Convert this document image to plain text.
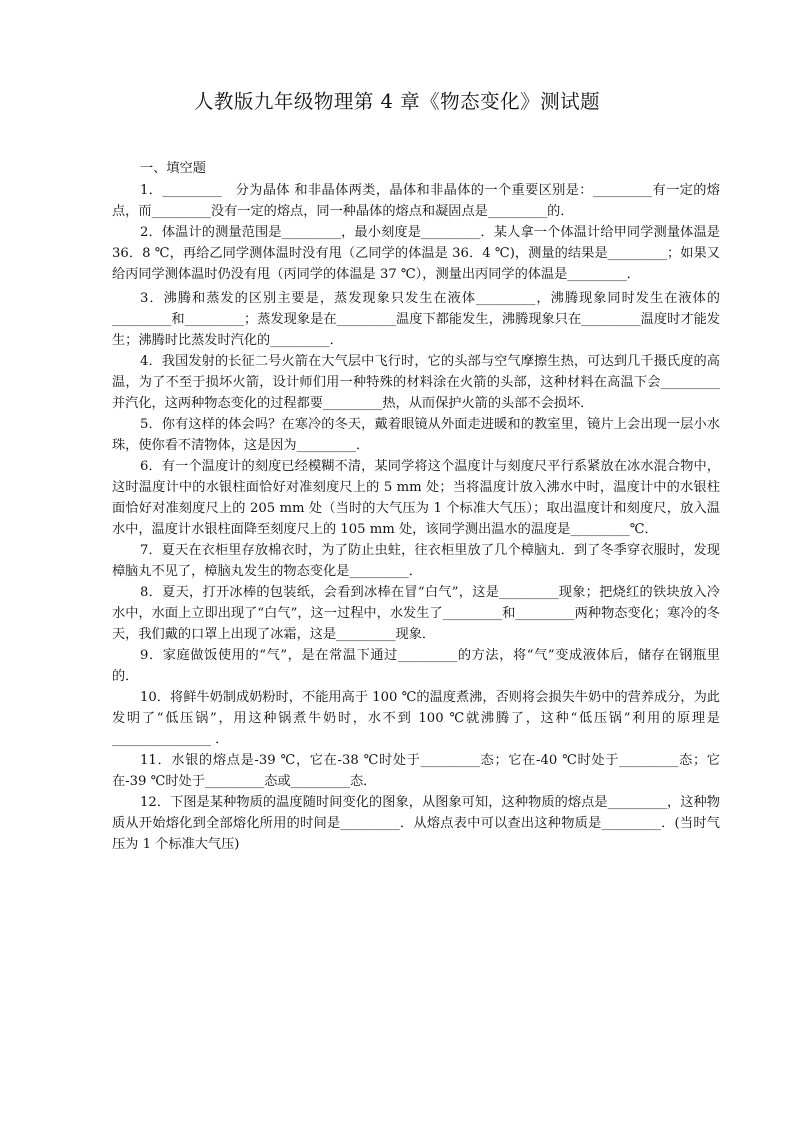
人教版九年级物理第 4 章《物态变化》测试题
一、填空题

1．_________　分为晶体 和非晶体两类，晶体和非晶体的一个重要区别是：_________有一定的熔点，而_________没有一定的熔点，同一种晶体的熔点和凝固点是_________的．

2．体温计的测量范围是_________，最小刻度是_________．某人拿一个体温计给甲同学测量体温是 36．8 ℃，再给乙同学测体温时没有甩（乙同学的体温是 36．4 ℃)，测量的结果是_________；如果又给丙同学测体温时仍没有甩（丙同学的体温是 37 ℃），测量出丙同学的体温是_________．

3．沸腾和蒸发的区别主要是，蒸发现象只发生在液体_________，沸腾现象同时发生在液体的_________和_________；蒸发现象是在_________温度下都能发生，沸腾现象只在_________温度时才能发生；沸腾时比蒸发时汽化的_________．

4．我国发射的长征二号火箭在大气层中飞行时，它的头部与空气摩擦生热，可达到几千摄氏度的高温，为了不至于损坏火箭，设计师们用一种特殊的材料涂在火箭的头部，这种材料在高温下会_________并汽化，这两种物态变化的过程都要_________热，从而保护火箭的头部不会损坏．

5．你有这样的体会吗？在寒冷的冬天，戴着眼镜从外面走进暖和的教室里，镜片上会出现一层小水珠，使你看不清物体，这是因为_________．

6．有一个温度计的刻度已经模糊不清，某同学将这个温度计与刻度尺平行系紧放在冰水混合物中，这时温度计中的水银柱面恰好对准刻度尺上的 5 mm 处；当将温度计放入沸水中时，温度计中的水银柱面恰好对准刻度尺上的 205 mm 处（当时的大气压为 1 个标准大气压）；取出温度计和刻度尺，放入温水中，温度计水银柱面降至刻度尺上的 105 mm 处，该同学测出温水的温度是_________℃．

7．夏天在衣柜里存放棉衣时，为了防止虫蛀，往衣柜里放了几个樟脑丸．到了冬季穿衣服时，发现樟脑丸不见了，樟脑丸发生的物态变化是_________．

8．夏天，打开冰棒的包装纸，会看到冰棒在冒“白气”，这是_________现象；把烧红的铁块放入冷水中，水面上立即出现了“白气”，这一过程中，水发生了_________和_________两种物态变化；寒冷的冬天，我们戴的口罩上出现了冰霜，这是_________现象．

9．家庭做饭使用的“气”，是在常温下通过_________的方法，将“气”变成液体后，储存在钢瓶里的．

10．将鲜牛奶制成奶粉时，不能用高于 100 ℃的温度煮沸，否则将会损失牛奶中的营养成分，为此发明了“低压锅”，用这种锅煮牛奶时，水不到 100 ℃就沸腾了，这种“低压锅”利用的原理是_______________ ．

11．水银的熔点是-39 ℃，它在-38 ℃时处于_________态；它在-40 ℃时处于_________态；它在-39 ℃时处于_________态或_________态．

12．下图是某种物质的温度随时间变化的图象，从图象可知，这种物质的熔点是_________，这种物质从开始熔化到全部熔化所用的时间是_________．从熔点表中可以查出这种物质是_________．(当时气压为 1 个标准大气压)
